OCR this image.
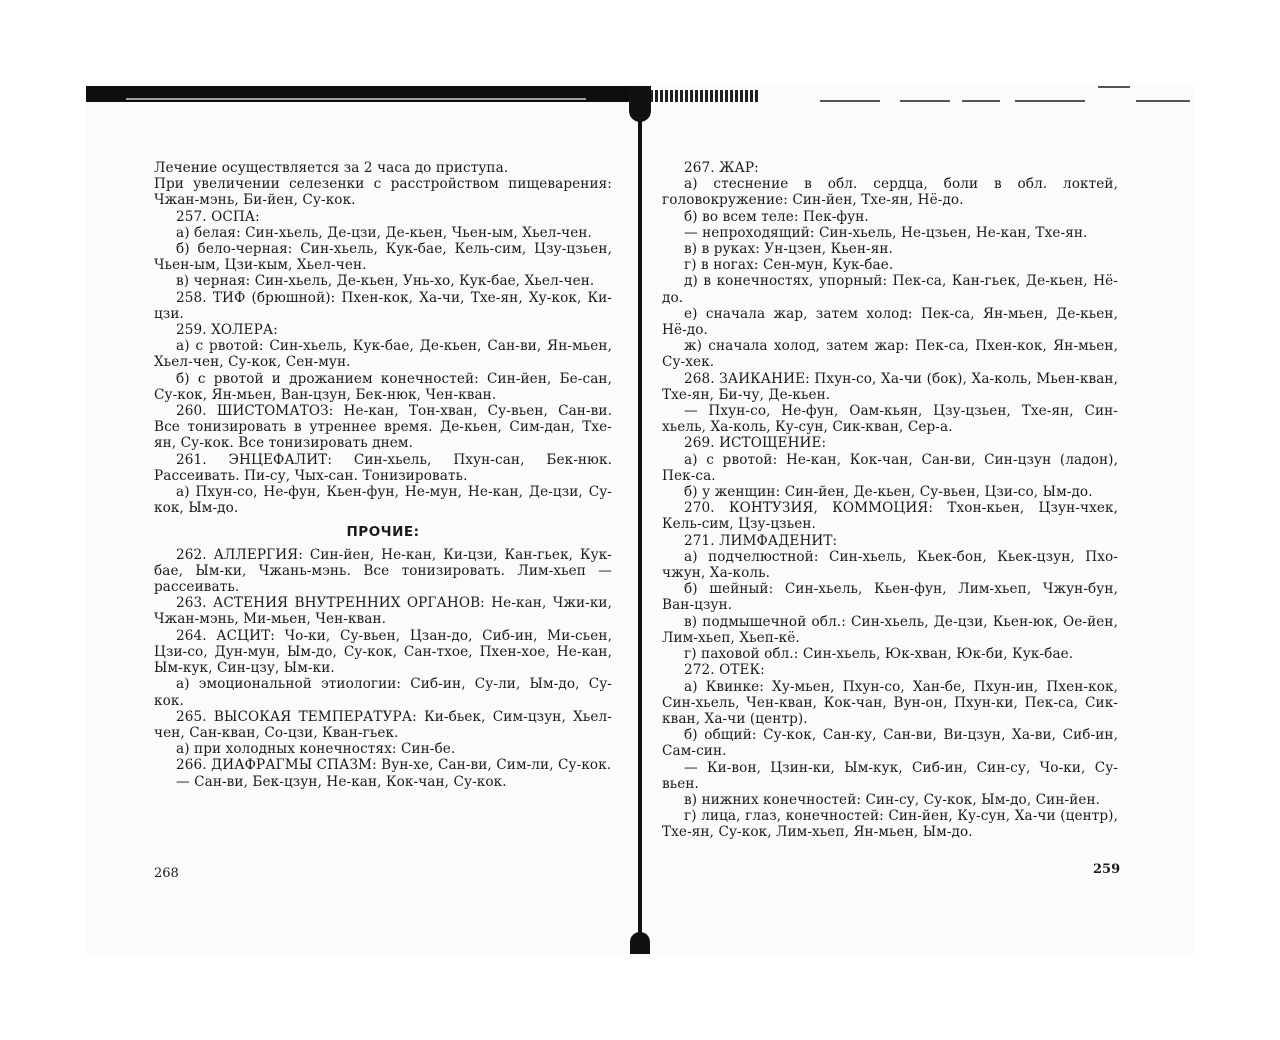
Лечение осуществляется за 2 часа до приступа.

При увеличении селезенки с расстройством пищеварения: Чжан-мэнь, Би-йен, Су-кок.

257. ОСПА:

а) белая: Син-хьель, Де-цзи, Де-кьен, Чьен-ым, Хьел-чен.

б) бело-черная: Син-хьель, Кук-бае, Кель-сим, Цзу-цзьен, Чьен-ым, Цзи-кым, Хьел-чен.

в) черная: Син-хьель, Де-кьен, Унь-хо, Кук-бае, Хьел-чен.

258. ТИФ (брюшной): Пхен-кок, Ха-чи, Тхе-ян, Ху-кок, Ки-цзи.

259. ХОЛЕРА:

а) с рвотой: Син-хьель, Кук-бае, Де-кьен, Сан-ви, Ян-мьен, Хьел-чен, Су-кок, Сен-мун.

б) с рвотой и дрожанием конечностей: Син-йен, Бе-сан, Су-кок, Ян-мьен, Ван-цзун, Бек-нюк, Чен-кван.

260. ШИСТОМАТОЗ: Не-кан, Тон-хван, Су-вьен, Сан-ви. Все тонизировать в утреннее время. Де-кьен, Сим-дан, Тхе-ян, Су-кок. Все тонизировать днем.

261. ЭНЦЕФАЛИТ: Син-хьель, Пхун-сан, Бек-нюк. Рассеивать. Пи-су, Чых-сан. Тонизировать.

а) Пхун-со, Не-фун, Кьен-фун, Не-мун, Не-кан, Де-цзи, Су-кок, Ым-до.

ПРОЧИЕ:

262. АЛЛЕРГИЯ: Син-йен, Не-кан, Ки-цзи, Кан-гьек, Кук-бае, Ым-ки, Чжань-мэнь. Все тонизировать. Лим-хьеп — рассеивать.

263. АСТЕНИЯ ВНУТРЕННИХ ОРГАНОВ: Не-кан, Чжи-ки, Чжан-мэнь, Ми-мьен, Чен-кван.

264. АСЦИТ: Чо-ки, Су-вьен, Цзан-до, Сиб-ин, Ми-сьен, Цзи-со, Дун-мун, Ым-до, Су-кок, Сан-тхое, Пхен-хое, Не-кан, Ым-кук, Син-цзу, Ым-ки.

а) эмоциональной этиологии: Сиб-ин, Су-ли, Ым-до, Су-кок.

265. ВЫСОКАЯ ТЕМПЕРАТУРА: Ки-бьек, Сим-цзун, Хьел-чен, Сан-кван, Со-цзи, Кван-гьек.

а) при холодных конечностях: Син-бе.

266. ДИАФРАГМЫ СПАЗМ: Вун-хе, Сан-ви, Сим-ли, Су-кок.

— Сан-ви, Бек-цзун, Не-кан, Кок-чан, Су-кок.

267. ЖАР:

а) стеснение в обл. сердца, боли в обл. локтей, головокружение: Син-йен, Тхе-ян, Нё-до.

б) во всем теле: Пек-фун.

— непроходящий: Син-хьель, Не-цзьен, Не-кан, Тхе-ян.

в) в руках: Ун-цзен, Кьен-ян.

г) в ногах: Сен-мун, Кук-бае.

д) в конечностях, упорный: Пек-са, Кан-гьек, Де-кьен, Нё-до.

е) сначала жар, затем холод: Пек-са, Ян-мьен, Де-кьен, Нё-до.

ж) сначала холод, затем жар: Пек-са, Пхен-кок, Ян-мьен, Су-хек.

268. ЗАИКАНИЕ: Пхун-со, Ха-чи (бок), Ха-коль, Мьен-кван, Тхе-ян, Би-чу, Де-кьен.

— Пхун-со, Не-фун, Оам-кьян, Цзу-цзьен, Тхе-ян, Син-хьель, Ха-коль, Ку-сун, Сик-кван, Сер-а.

269. ИСТОЩЕНИЕ:

а) с рвотой: Не-кан, Кок-чан, Сан-ви, Син-цзун (ладон), Пек-са.

б) у женщин: Син-йен, Де-кьен, Су-вьен, Цзи-со, Ым-до.

270. КОНТУЗИЯ, КОММОЦИЯ: Тхон-кьен, Цзун-чхек, Кель-сим, Цзу-цзьен.

271. ЛИМФАДЕНИТ:

а) подчелюстной: Син-хьель, Кьек-бон, Кьек-цзун, Пхо-чжун, Ха-коль.

б) шейный: Син-хьель, Кьен-фун, Лим-хьеп, Чжун-бун, Ван-цзун.

в) подмышечной обл.: Син-хьель, Де-цзи, Кьен-юк, Ое-йен, Лим-хьеп, Хьеп-кё.

г) паховой обл.: Син-хьель, Юк-хван, Юк-би, Кук-бае.

272. ОТЕК:

а) Квинке: Ху-мьен, Пхун-со, Хан-бе, Пхун-ин, Пхен-кок, Син-хьель, Чен-кван, Кок-чан, Вун-он, Пхун-ки, Пек-са, Сик-кван, Ха-чи (центр).

б) общий: Су-кок, Сан-ку, Сан-ви, Ви-цзун, Ха-ви, Сиб-ин, Сам-син.

— Ки-вон, Цзин-ки, Ым-кук, Сиб-ин, Син-су, Чо-ки, Су-вьен.

в) нижних конечностей: Син-су, Су-кок, Ым-до, Син-йен.

г) лица, глаз, конечностей: Син-йен, Ку-сун, Ха-чи (центр), Тхе-ян, Су-кок, Лим-хьеп, Ян-мьен, Ым-до.

268	259
